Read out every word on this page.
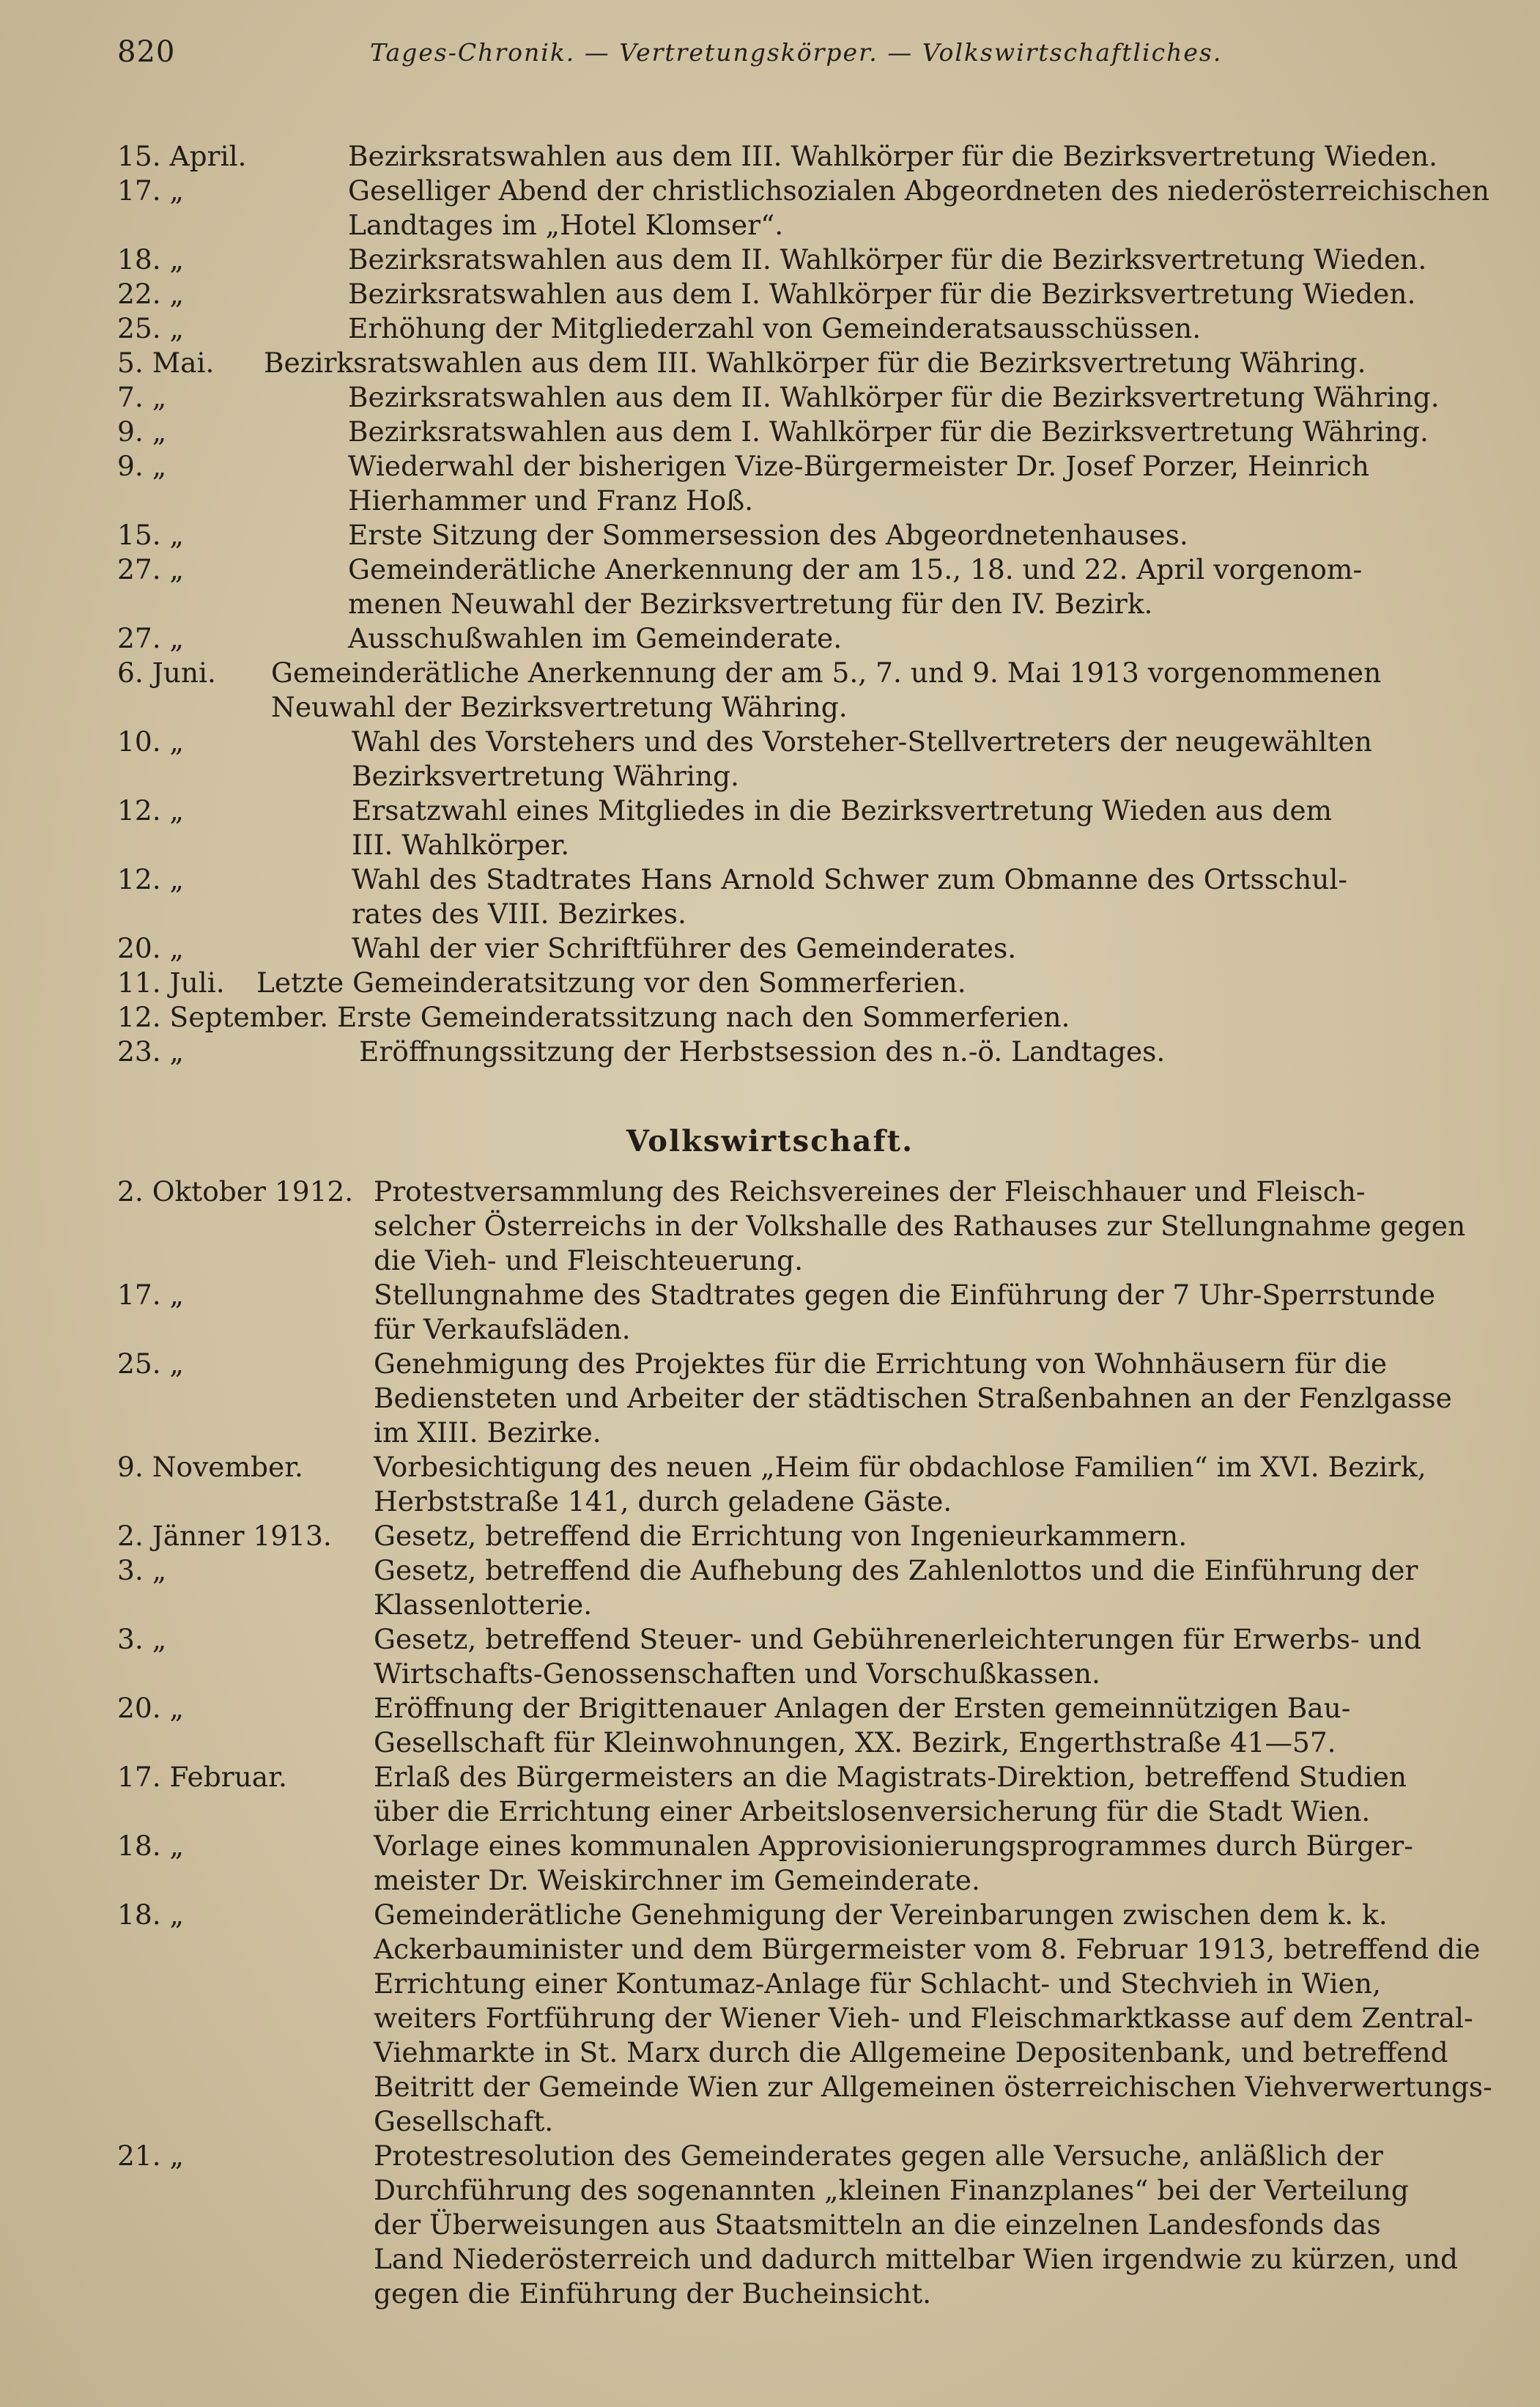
820	Tages-Chronik. — Vertretungskörper. — Volkswirtschaftliches.
15. April.	Bezirksratswahlen aus dem III. Wahlkörper für die Bezirksvertretung Wieden.
17. „	Geselliger Abend der christlichsozialen Abgeordneten des niederösterreichischen
Landtages im „Hotel Klomser“.
18. „	Bezirksratswahlen aus dem II. Wahlkörper für die Bezirksvertretung Wieden.
22. „	Bezirksratswahlen aus dem I. Wahlkörper für die Bezirksvertretung Wieden.
25. „	Erhöhung der Mitgliederzahl von Gemeinderatsausschüssen.
5. Mai.	Bezirksratswahlen aus dem III. Wahlkörper für die Bezirksvertretung Währing.
7. „	Bezirksratswahlen aus dem II. Wahlkörper für die Bezirksvertretung Währing.
9. „	Bezirksratswahlen aus dem I. Wahlkörper für die Bezirksvertretung Währing.
9. „	Wiederwahl der bisherigen Vize-Bürgermeister Dr. Josef Porzer, Heinrich
Hierhammer und Franz Hoß.
15. „	Erste Sitzung der Sommersession des Abgeordnetenhauses.
27. „	Gemeinderätliche Anerkennung der am 15., 18. und 22. April vorgenom-
menen Neuwahl der Bezirksvertretung für den IV. Bezirk.
27. „	Ausschußwahlen im Gemeinderate.
6. Juni.	Gemeinderätliche Anerkennung der am 5., 7. und 9. Mai 1913 vorgenommenen
Neuwahl der Bezirksvertretung Währing.
10. „	Wahl des Vorstehers und des Vorsteher-Stellvertreters der neugewählten
Bezirksvertretung Währing.
12. „	Ersatzwahl eines Mitgliedes in die Bezirksvertretung Wieden aus dem
III. Wahlkörper.
12. „	Wahl des Stadtrates Hans Arnold Schwer zum Obmanne des Ortsschul-
rates des VIII. Bezirkes.
20. „	Wahl der vier Schriftführer des Gemeinderates.
11. Juli.	Letzte Gemeinderatsitzung vor den Sommerferien.
12. September. Erste Gemeinderatssitzung nach den Sommerferien.
23. „	Eröffnungssitzung der Herbstsession des n.-ö. Landtages.
Volkswirtschaft.
2. Oktober 1912. Protestversammlung des Reichsvereines der Fleischhauer und Fleisch-
selcher Österreichs in der Volkshalle des Rathauses zur Stellungnahme gegen
die Vieh- und Fleischteuerung.
17. „	Stellungnahme des Stadtrates gegen die Einführung der 7 Uhr-Sperrstunde
für Verkaufsläden.
25. „	Genehmigung des Projektes für die Errichtung von Wohnhäusern für die
Bediensteten und Arbeiter der städtischen Straßenbahnen an der Fenzlgasse
im XIII. Bezirke.
9. November.	Vorbesichtigung des neuen „Heim für obdachlose Familien“ im XVI. Bezirk,
Herbststraße 141, durch geladene Gäste.
2. Jänner 1913.	Gesetz, betreffend die Errichtung von Ingenieurkammern.
3. „	Gesetz, betreffend die Aufhebung des Zahlenlottos und die Einführung der
Klassenlotterie.
3. „	Gesetz, betreffend Steuer- und Gebührenerleichterungen für Erwerbs- und
Wirtschafts-Genossenschaften und Vorschußkassen.
20. „	Eröffnung der Brigittenauer Anlagen der Ersten gemeinnützigen Bau-
Gesellschaft für Kleinwohnungen, XX. Bezirk, Engerthstraße 41—57.
17. Februar.	Erlaß des Bürgermeisters an die Magistrats-Direktion, betreffend Studien
über die Errichtung einer Arbeitslosenversicherung für die Stadt Wien.
18. „	Vorlage eines kommunalen Approvisionierungsprogrammes durch Bürger-
meister Dr. Weiskirchner im Gemeinderate.
18. „	Gemeinderätliche Genehmigung der Vereinbarungen zwischen dem k. k.
Ackerbauminister und dem Bürgermeister vom 8. Februar 1913, betreffend die
Errichtung einer Kontumaz-Anlage für Schlacht- und Stechvieh in Wien,
weiters Fortführung der Wiener Vieh- und Fleischmarktkasse auf dem Zentral-
Viehmarkte in St. Marx durch die Allgemeine Depositenbank, und betreffend
Beitritt der Gemeinde Wien zur Allgemeinen österreichischen Viehverwertungs-
Gesellschaft.
21. „	Protestresolution des Gemeinderates gegen alle Versuche, anläßlich der
Durchführung des sogenannten „kleinen Finanzplanes“ bei der Verteilung
der Überweisungen aus Staatsmitteln an die einzelnen Landesfonds das
Land Niederösterreich und dadurch mittelbar Wien irgendwie zu kürzen, und
gegen die Einführung der Bucheinsicht.
